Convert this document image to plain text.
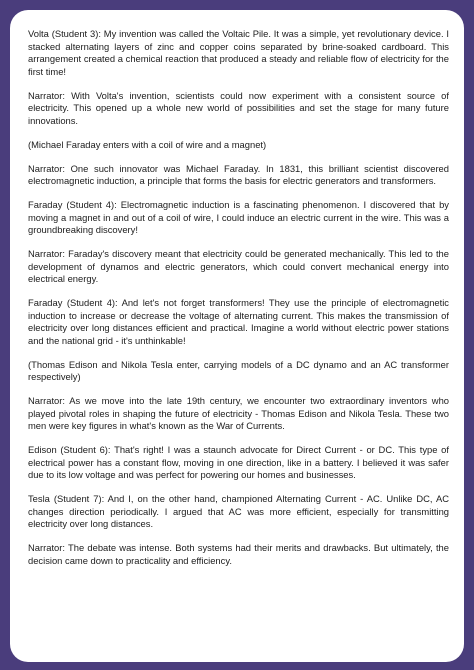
Volta (Student 3): My invention was called the Voltaic Pile. It was a simple, yet revolutionary device. I stacked alternating layers of zinc and copper coins separated by brine-soaked cardboard. This arrangement created a chemical reaction that produced a steady and reliable flow of electricity for the first time!

Narrator: With Volta's invention, scientists could now experiment with a consistent source of electricity. This opened up a whole new world of possibilities and set the stage for many future innovations.

(Michael Faraday enters with a coil of wire and a magnet)

Narrator: One such innovator was Michael Faraday. In 1831, this brilliant scientist discovered electromagnetic induction, a principle that forms the basis for electric generators and transformers.

Faraday (Student 4): Electromagnetic induction is a fascinating phenomenon. I discovered that by moving a magnet in and out of a coil of wire, I could induce an electric current in the wire. This was a groundbreaking discovery!

Narrator: Faraday's discovery meant that electricity could be generated mechanically. This led to the development of dynamos and electric generators, which could convert mechanical energy into electrical energy.

Faraday (Student 4): And let's not forget transformers! They use the principle of electromagnetic induction to increase or decrease the voltage of alternating current. This makes the transmission of electricity over long distances efficient and practical. Imagine a world without electric power stations and the national grid - it's unthinkable!

(Thomas Edison and Nikola Tesla enter, carrying models of a DC dynamo and an AC transformer respectively)

Narrator: As we move into the late 19th century, we encounter two extraordinary inventors who played pivotal roles in shaping the future of electricity - Thomas Edison and Nikola Tesla. These two men were key figures in what's known as the War of Currents.

Edison (Student 6): That's right! I was a staunch advocate for Direct Current - or DC. This type of electrical power has a constant flow, moving in one direction, like in a battery. I believed it was safer due to its low voltage and was perfect for powering our homes and businesses.

Tesla (Student 7): And I, on the other hand, championed Alternating Current - AC. Unlike DC, AC changes direction periodically. I argued that AC was more efficient, especially for transmitting electricity over long distances.

Narrator: The debate was intense. Both systems had their merits and drawbacks. But ultimately, the decision came down to practicality and efficiency.
